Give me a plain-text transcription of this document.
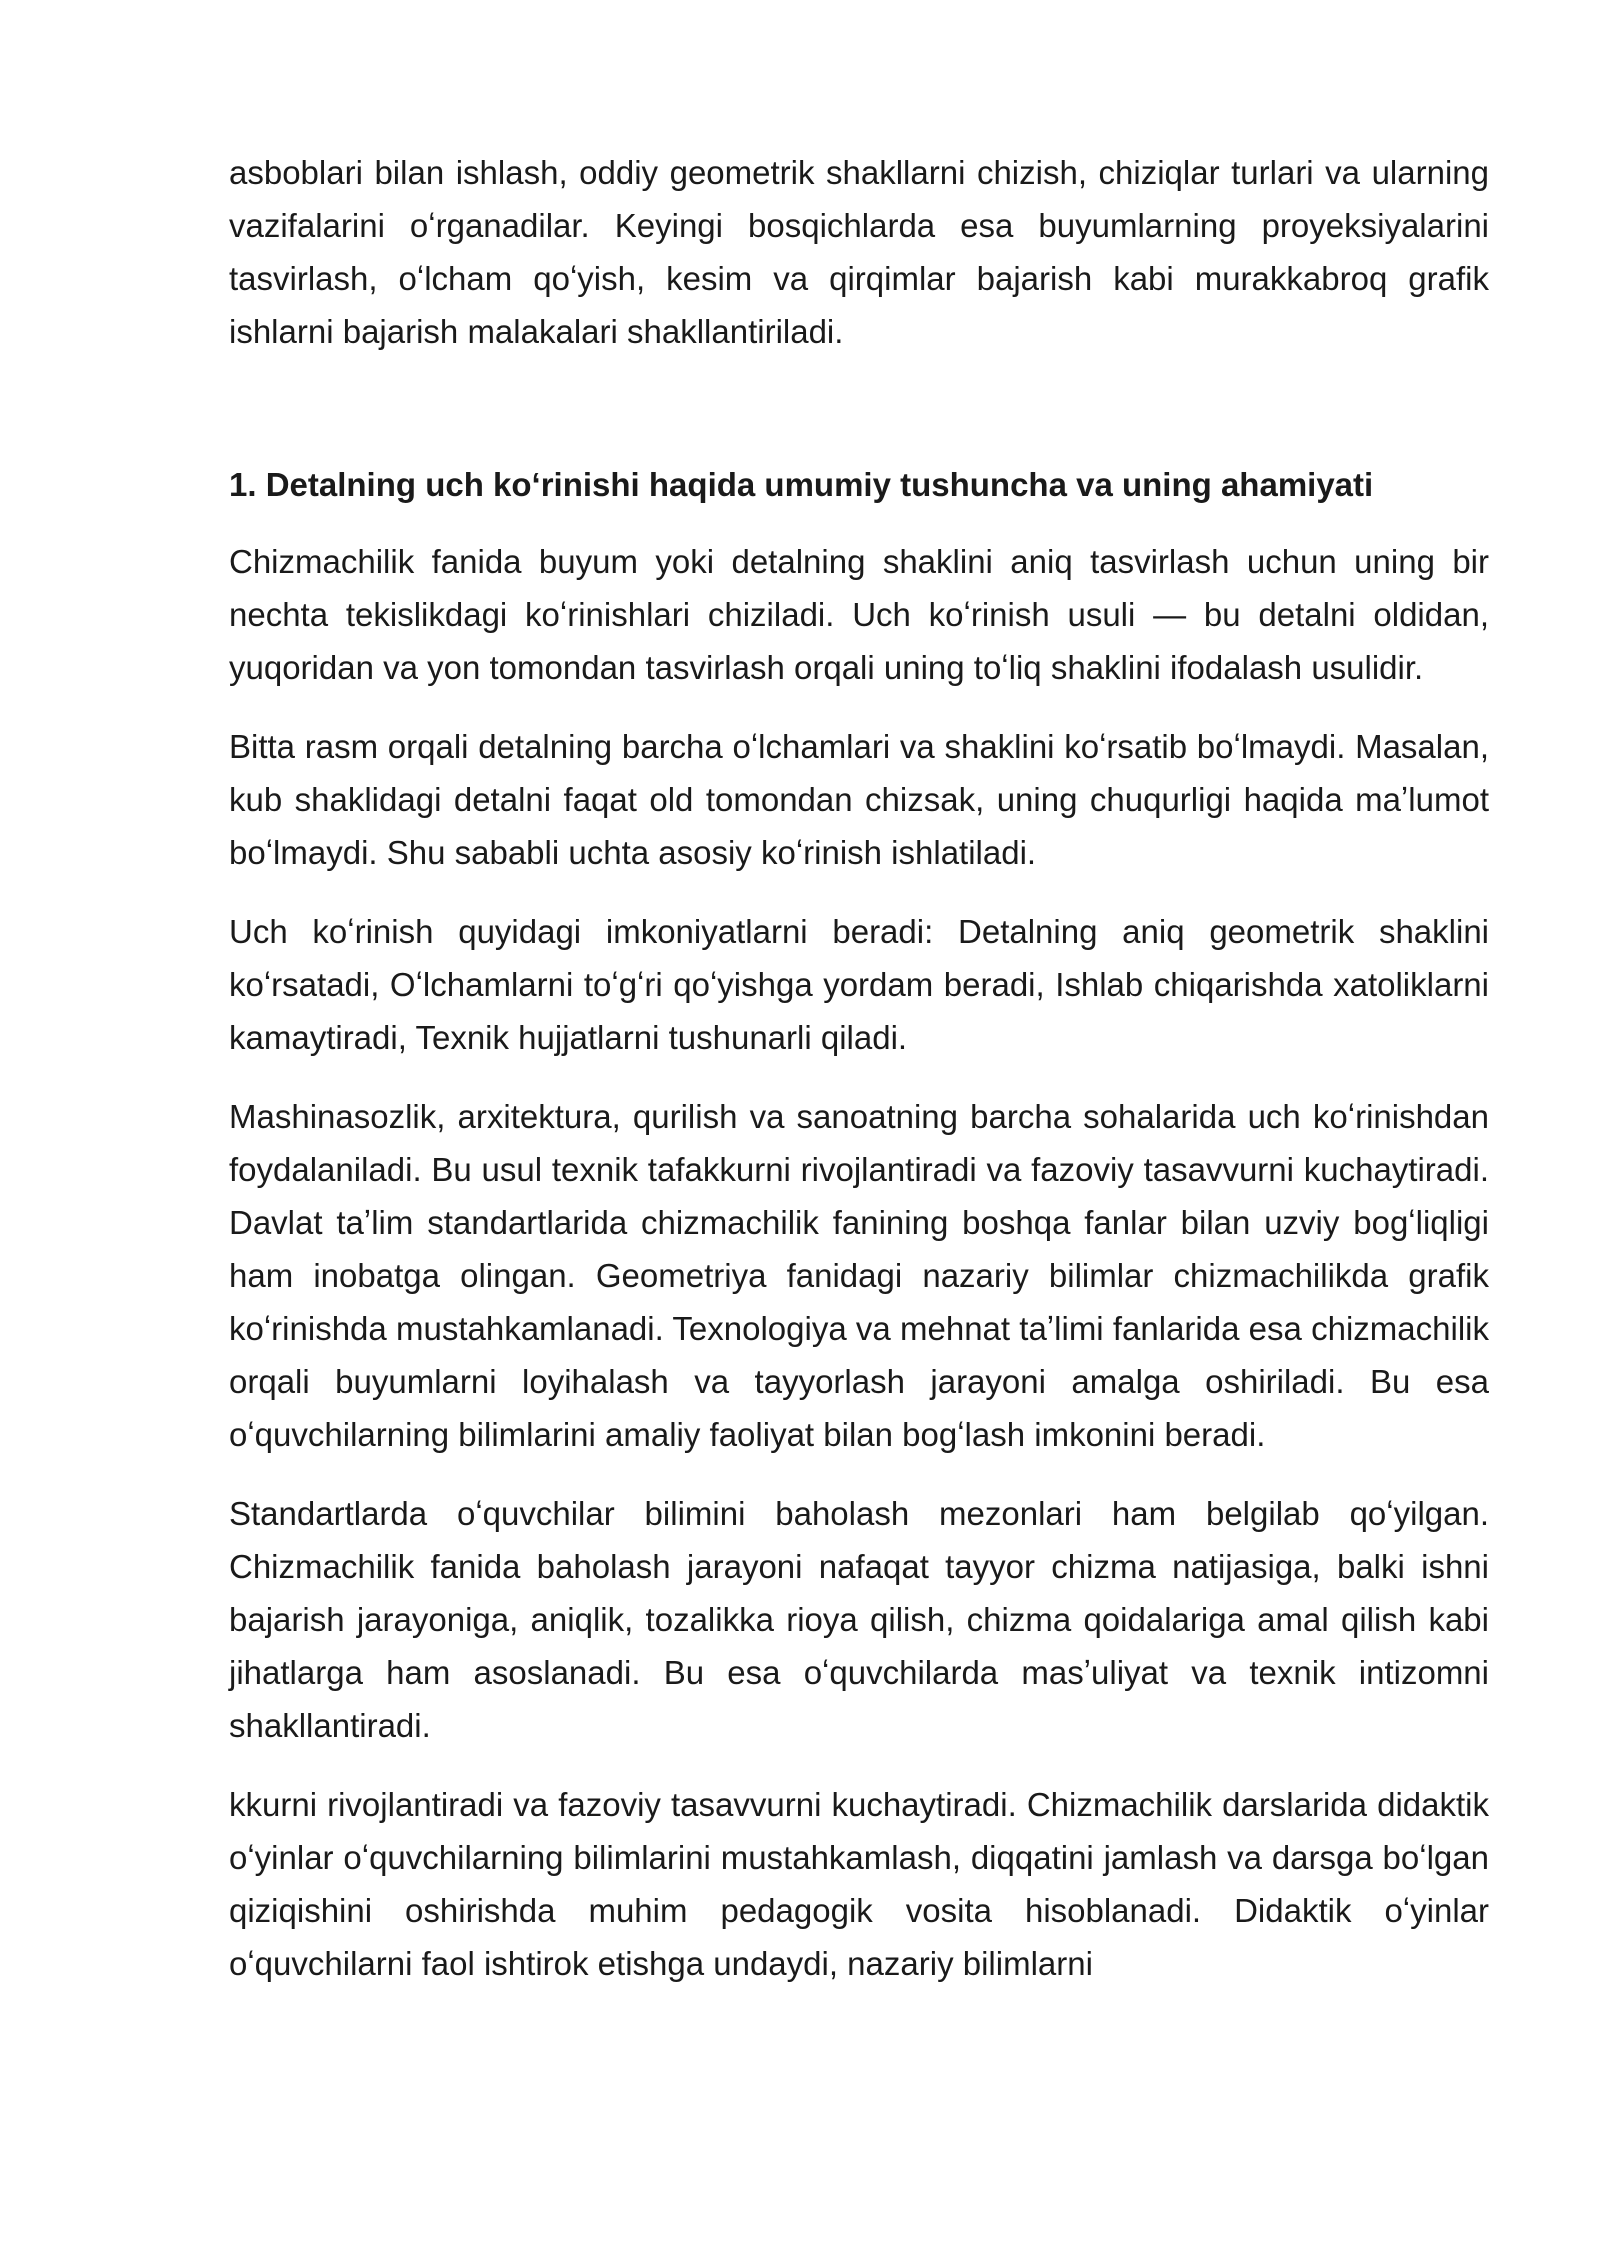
asboblari bilan ishlash, oddiy geometrik shakllarni chizish, chiziqlar turlari va ularning vazifalarini oʻrganadilar. Keyingi bosqichlarda esa buyumlarning proyeksiyalarini tasvirlash, oʻlcham qoʻyish, kesim va qirqimlar bajarish kabi murakkabroq grafik ishlarni bajarish malakalari shakllantiriladi.

1. Detalning uch koʻrinishi haqida umumiy tushuncha va uning ahamiyati

Chizmachilik fanida buyum yoki detalning shaklini aniq tasvirlash uchun uning bir nechta tekislikdagi koʻrinishlari chiziladi. Uch koʻrinish usuli — bu detalni oldidan, yuqoridan va yon tomondan tasvirlash orqali uning toʻliq shaklini ifodalash usulidir.

Bitta rasm orqali detalning barcha oʻlchamlari va shaklini koʻrsatib boʻlmaydi. Masalan, kub shaklidagi detalni faqat old tomondan chizsak, uning chuqurligi haqida maʼlumot boʻlmaydi. Shu sababli uchta asosiy koʻrinish ishlatiladi.

Uch koʻrinish quyidagi imkoniyatlarni beradi: Detalning aniq geometrik shaklini koʻrsatadi, Oʻlchamlarni toʻgʻri qoʻyishga yordam beradi, Ishlab chiqarishda xatoliklarni kamaytiradi, Texnik hujjatlarni tushunarli qiladi.

Mashinasozlik, arxitektura, qurilish va sanoatning barcha sohalarida uch koʻrinishdan foydalaniladi. Bu usul texnik tafakkurni rivojlantiradi va fazoviy tasavvurni kuchaytiradi. Davlat taʼlim standartlarida chizmachilik fanining boshqa fanlar bilan uzviy bogʻliqligi ham inobatga olingan. Geometriya fanidagi nazariy bilimlar chizmachilikda grafik koʻrinishda mustahkamlanadi. Texnologiya va mehnat taʼlimi fanlarida esa chizmachilik orqali buyumlarni loyihalash va tayyorlash jarayoni amalga oshiriladi. Bu esa oʻquvchilarning bilimlarini amaliy faoliyat bilan bogʻlash imkonini beradi.

Standartlarda oʻquvchilar bilimini baholash mezonlari ham belgilab qoʻyilgan. Chizmachilik fanida baholash jarayoni nafaqat tayyor chizma natijasiga, balki ishni bajarish jarayoniga, aniqlik, tozalikka rioya qilish, chizma qoidalariga amal qilish kabi jihatlarga ham asoslanadi. Bu esa oʻquvchilarda masʼuliyat va texnik intizomni shakllantiradi.

kkurni rivojlantiradi va fazoviy tasavvurni kuchaytiradi. Chizmachilik darslarida didaktik oʻyinlar oʻquvchilarning bilimlarini mustahkamlash, diqqatini jamlash va darsga boʻlgan qiziqishini oshirishda muhim pedagogik vosita hisoblanadi. Didaktik oʻyinlar oʻquvchilarni faol ishtirok etishga undaydi, nazariy bilimlarni
